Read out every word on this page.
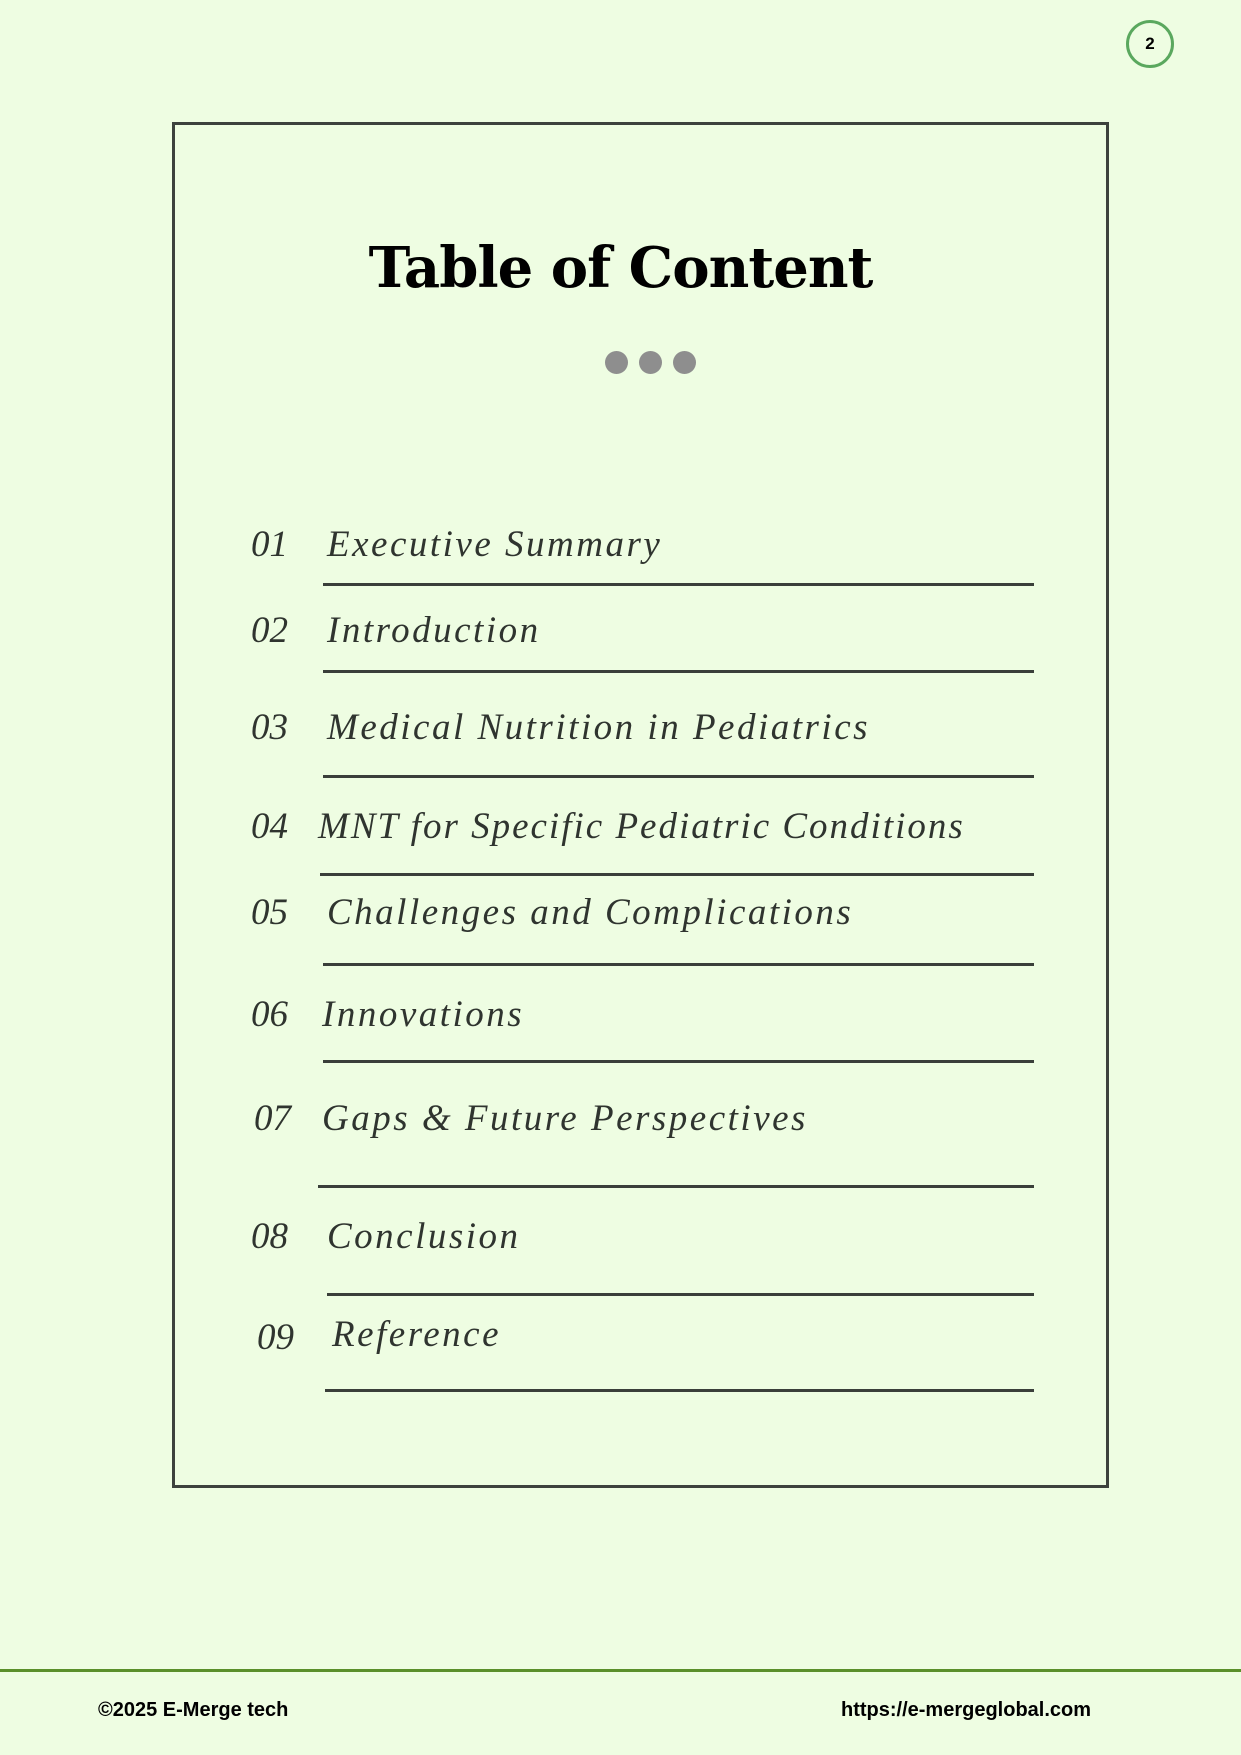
2
Table of Content
01 Executive Summary
02 Introduction
03 Medical Nutrition in Pediatrics
04 MNT for Specific Pediatric Conditions
05 Challenges and Complications
06 Innovations
07 Gaps & Future Perspectives
08 Conclusion
09 Reference
©2025 E-Merge tech	https://e-mergeglobal.com
